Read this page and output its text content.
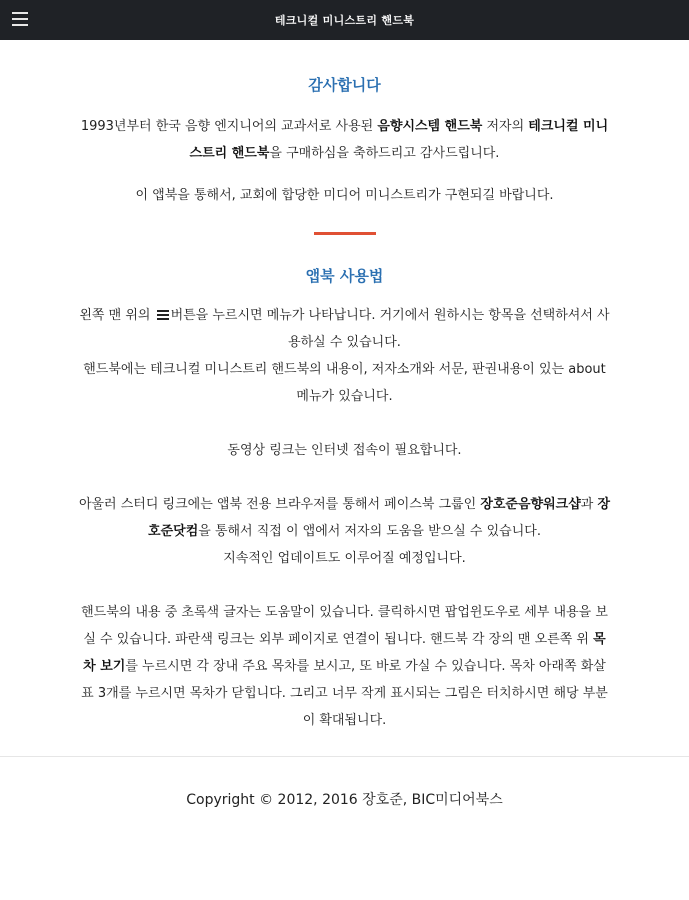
테크니컬 미니스트리 핸드북
감사합니다

1993년부터 한국 음향 엔지니어의 교과서로 사용된 음향시스템 핸드북 저자의 테크니컬 미니스트리 핸드북을 구매하심을 축하드리고 감사드립니다.

이 앱북을 통해서, 교회에 합당한 미디어 미니스트리가 구현되길 바랍니다.

앱북 사용법

왼쪽 맨 위의 버튼을 누르시면 메뉴가 나타납니다. 거기에서 원하시는 항목을 선택하셔서 사용하실 수 있습니다.

핸드북에는 테크니컬 미니스트리 핸드북의 내용이, 저자소개와 서문, 판권내용이 있는 about 메뉴가 있습니다.

동영상 링크는 인터넷 접속이 필요합니다.

아울러 스터디 링크에는 앱북 전용 브라우저를 통해서 페이스북 그룹인 장호준음향워크샵과 장호준닷컴을 통해서 직접 이 앱에서 저자의 도움을 받으실 수 있습니다.

지속적인 업데이트도 이루어질 예정입니다.

핸드북의 내용 중 초록색 글자는 도움말이 있습니다. 클릭하시면 팝업윈도우로 세부 내용을 보실 수 있습니다. 파란색 링크는 외부 페이지로 연결이 됩니다. 핸드북 각 장의 맨 오른쪽 위 목차 보기를 누르시면 각 장내 주요 목차를 보시고, 또 바로 가실 수 있습니다. 목차 아래쪽 화살표 3개를 누르시면 목차가 닫힙니다. 그리고 너무 작게 표시되는 그림은 터치하시면 해당 부분이 확대됩니다.

Copyright © 2012, 2016 장호준, BIC미디어북스
